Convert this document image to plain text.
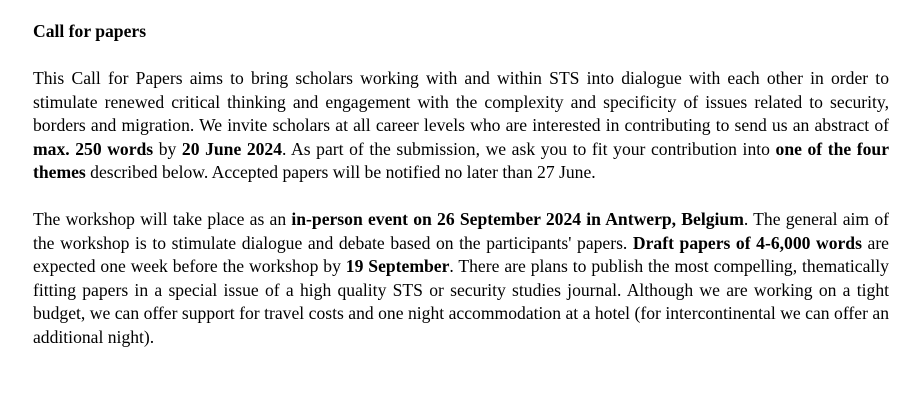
Call for papers

This Call for Papers aims to bring scholars working with and within STS into dialogue with each other in order to stimulate renewed critical thinking and engagement with the complexity and specificity of issues related to security, borders and migration. We invite scholars at all career levels who are interested in contributing to send us an abstract of max. 250 words by 20 June 2024. As part of the submission, we ask you to fit your contribution into one of the four themes described below. Accepted papers will be notified no later than 27 June.

The workshop will take place as an in-person event on 26 September 2024 in Antwerp, Belgium. The general aim of the workshop is to stimulate dialogue and debate based on the participants' papers. Draft papers of 4-6,000 words are expected one week before the workshop by 19 September. There are plans to publish the most compelling, thematically fitting papers in a special issue of a high quality STS or security studies journal. Although we are working on a tight budget, we can offer support for travel costs and one night accommodation at a hotel (for intercontinental we can offer an additional night).
